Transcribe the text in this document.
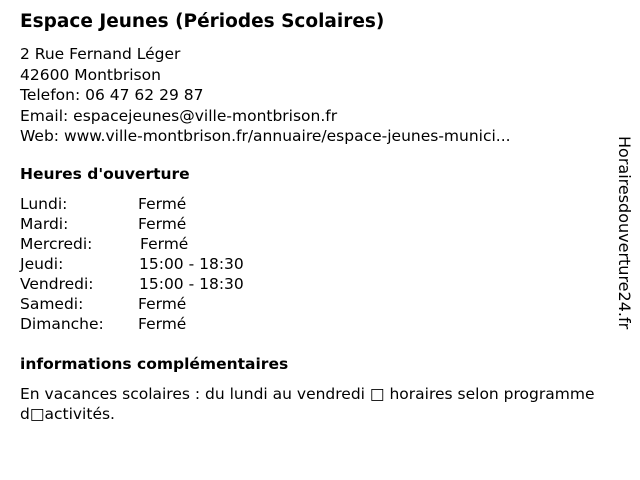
Espace Jeunes (Périodes Scolaires)
2 Rue Fernand Léger
42600 Montbrison
Telefon: 06 47 62 29 87
Email: espacejeunes@ville-montbrison.fr
Web: www.ville-montbrison.fr/annuaire/espace-jeunes-munici...
Heures d'ouverture
Lundi:	Fermé
Mardi:	Fermé
Mercredi:	Fermé
Jeudi:	15:00 - 18:30
Vendredi:	15:00 - 18:30
Samedi:	Fermé
Dimanche: Fermé
informations complémentaires
En vacances scolaires : du lundi au vendredi □ horaires selon programme d□activités.
Horairesdouverture24.fr
